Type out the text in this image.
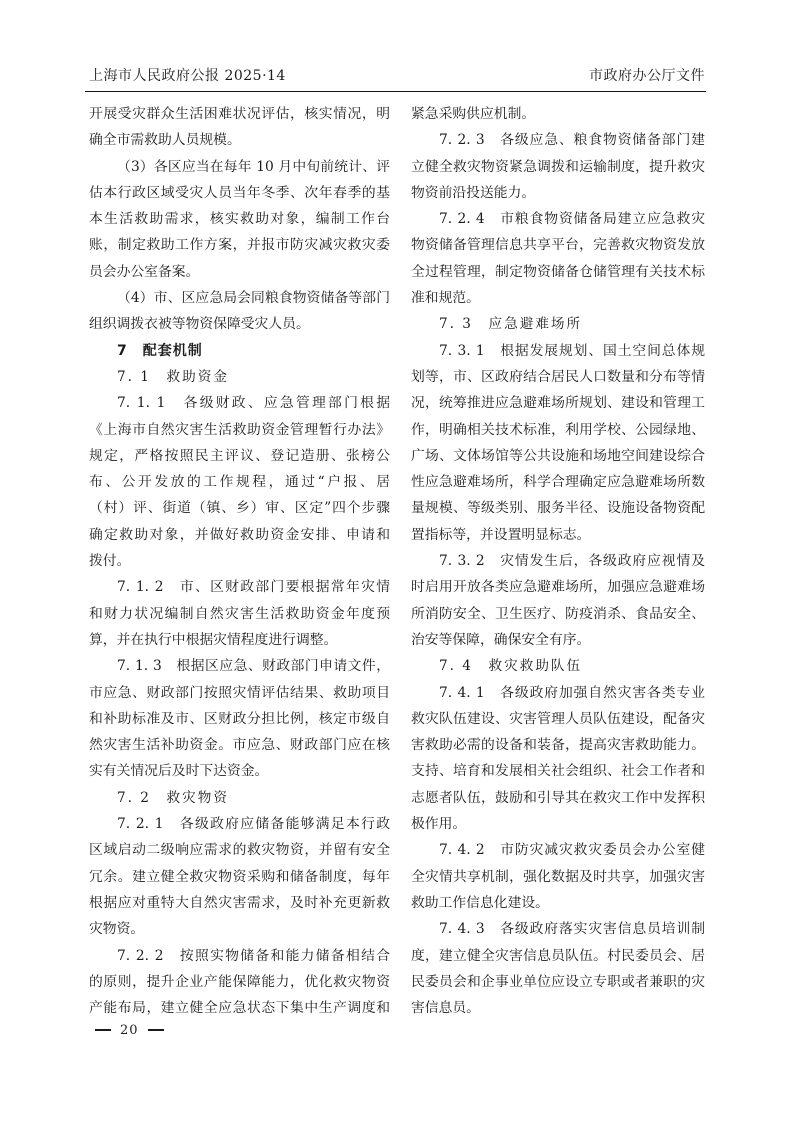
上海市人民政府公报 2025·14	市政府办公厅文件
开展受灾群众生活困难状况评估，核实情况，明
确全市需救助人员规模。
（3）各区应当在每年 10 月中旬前统计、评
估本行政区域受灾人员当年冬季、次年春季的基
本生活救助需求，核实救助对象，编制工作台
账，制定救助工作方案，并报市防灾减灾救灾委
员会办公室备案。
（4）市、区应急局会同粮食物资储备等部门
组织调拨衣被等物资保障受灾人员。
7　配套机制
7. 1　救助资金
7. 1. 1　各级财政、应急管理部门根据
《上海市自然灾害生活救助资金管理暂行办法》
规定，严格按照民主评议、登记造册、张榜公
布、公开发放的工作规程，通过“户报、居
（村）评、街道（镇、乡）审、区定”四个步骤
确定救助对象，并做好救助资金安排、申请和
拨付。
7. 1. 2　市、区财政部门要根据常年灾情
和财力状况编制自然灾害生活救助资金年度预
算，并在执行中根据灾情程度进行调整。
7. 1. 3　根据区应急、财政部门申请文件，
市应急、财政部门按照灾情评估结果、救助项目
和补助标准及市、区财政分担比例，核定市级自
然灾害生活补助资金。市应急、财政部门应在核
实有关情况后及时下达资金。
7. 2　救灾物资
7. 2. 1　各级政府应储备能够满足本行政
区域启动二级响应需求的救灾物资，并留有安全
冗余。建立健全救灾物资采购和储备制度，每年
根据应对重特大自然灾害需求，及时补充更新救
灾物资。
7. 2. 2　按照实物储备和能力储备相结合
的原则，提升企业产能保障能力，优化救灾物资
产能布局，建立健全应急状态下集中生产调度和
紧急采购供应机制。
7. 2. 3　各级应急、粮食物资储备部门建
立健全救灾物资紧急调拨和运输制度，提升救灾
物资前沿投送能力。
7. 2. 4　市粮食物资储备局建立应急救灾
物资储备管理信息共享平台，完善救灾物资发放
全过程管理，制定物资储备仓储管理有关技术标
准和规范。
7. 3　应急避难场所
7. 3. 1　根据发展规划、国土空间总体规
划等，市、区政府结合居民人口数量和分布等情
况，统筹推进应急避难场所规划、建设和管理工
作，明确相关技术标准，利用学校、公园绿地、
广场、文体场馆等公共设施和场地空间建设综合
性应急避难场所，科学合理确定应急避难场所数
量规模、等级类别、服务半径、设施设备物资配
置指标等，并设置明显标志。
7. 3. 2　灾情发生后，各级政府应视情及
时启用开放各类应急避难场所，加强应急避难场
所消防安全、卫生医疗、防疫消杀、食品安全、
治安等保障，确保安全有序。
7. 4　救灾救助队伍
7. 4. 1　各级政府加强自然灾害各类专业
救灾队伍建设、灾害管理人员队伍建设，配备灾
害救助必需的设备和装备，提高灾害救助能力。
支持、培育和发展相关社会组织、社会工作者和
志愿者队伍，鼓励和引导其在救灾工作中发挥积
极作用。
7. 4. 2　市防灾减灾救灾委员会办公室健
全灾情共享机制，强化数据及时共享，加强灾害
救助工作信息化建设。
7. 4. 3　各级政府落实灾害信息员培训制
度，建立健全灾害信息员队伍。村民委员会、居
民委员会和企事业单位应设立专职或者兼职的灾
害信息员。
20
